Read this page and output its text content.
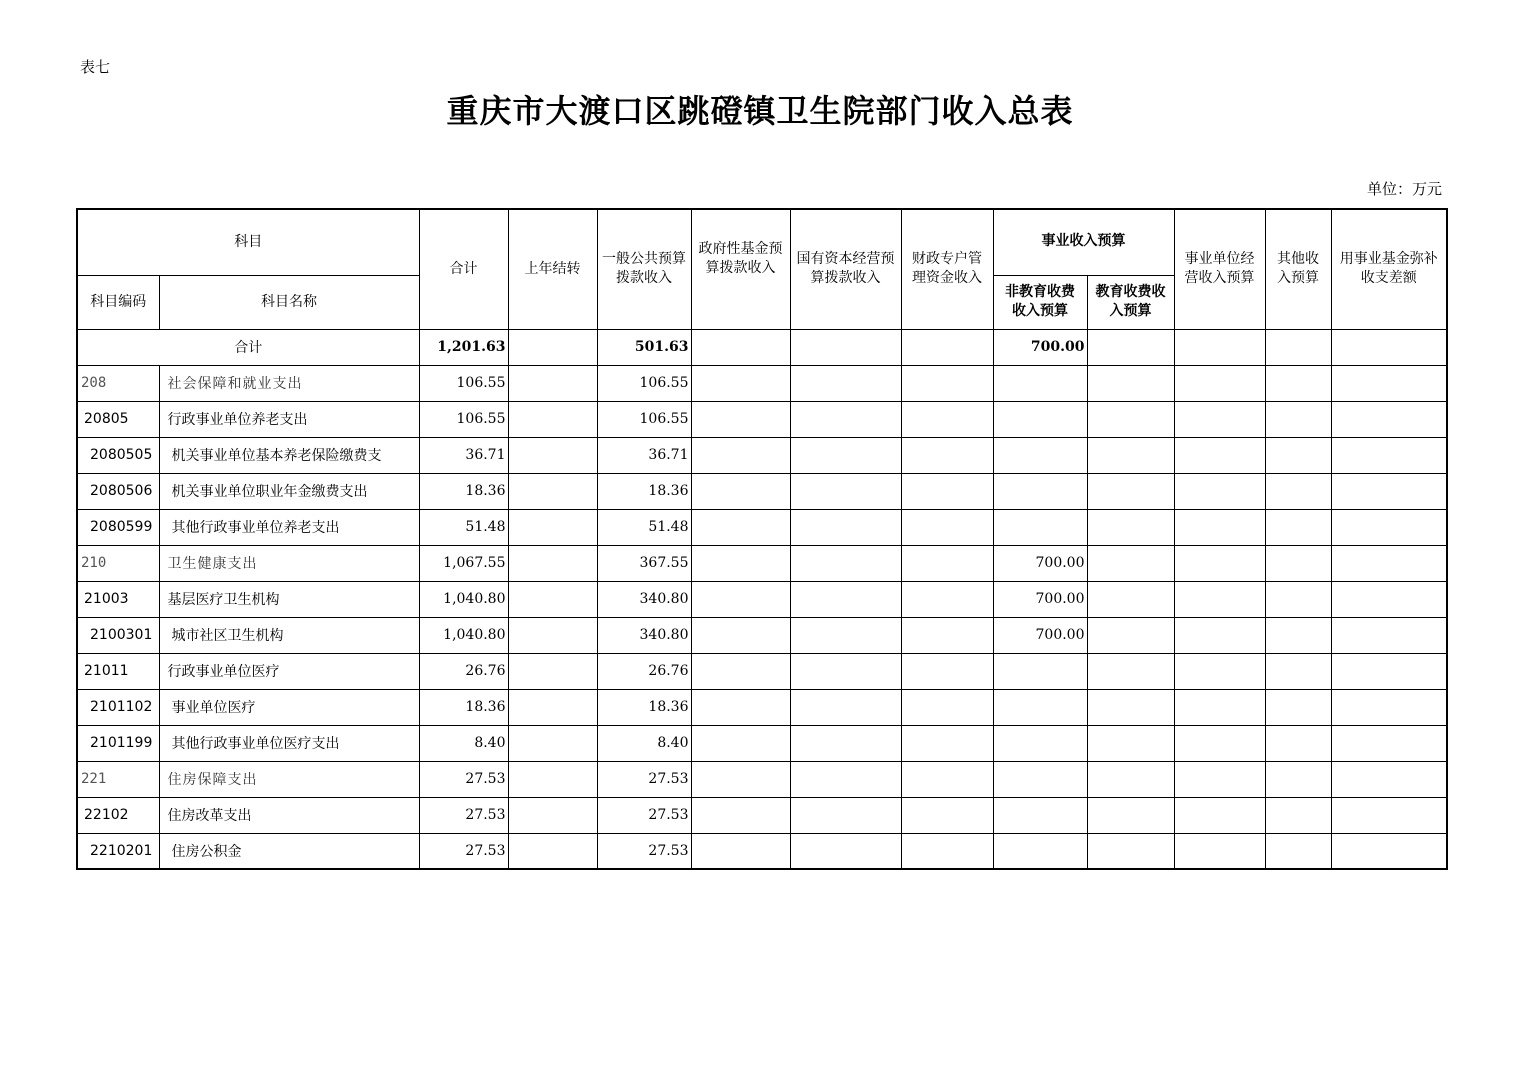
表七
重庆市大渡口区跳磴镇卫生院部门收入总表
单位：万元
科目		合计	上年结转	一般公共预算拨款收入	政府性基金预算拨款收入	国有资本经营预算拨款收入	财政专户管理资金收入	事业收入预算		事业单位经营收入预算	其他收入预算	用事业基金弥补收支差额
科目编码	科目名称							非教育收费收入预算	教育收费收入预算			
合计		1,201.63		501.63				700.00				
208	社会保障和就业支出	106.55		106.55								
20805	行政事业单位养老支出	106.55		106.55								
2080505	机关事业单位基本养老保险缴费支	36.71		36.71								
2080506	机关事业单位职业年金缴费支出	18.36		18.36								
2080599	其他行政事业单位养老支出	51.48		51.48								
210	卫生健康支出	1,067.55		367.55				700.00				
21003	基层医疗卫生机构	1,040.80		340.80				700.00				
2100301	城市社区卫生机构	1,040.80		340.80				700.00				
21011	行政事业单位医疗	26.76		26.76								
2101102	事业单位医疗	18.36		18.36								
2101199	其他行政事业单位医疗支出	8.40		8.40								
221	住房保障支出	27.53		27.53								
22102	住房改革支出	27.53		27.53								
2210201	住房公积金	27.53		27.53								
